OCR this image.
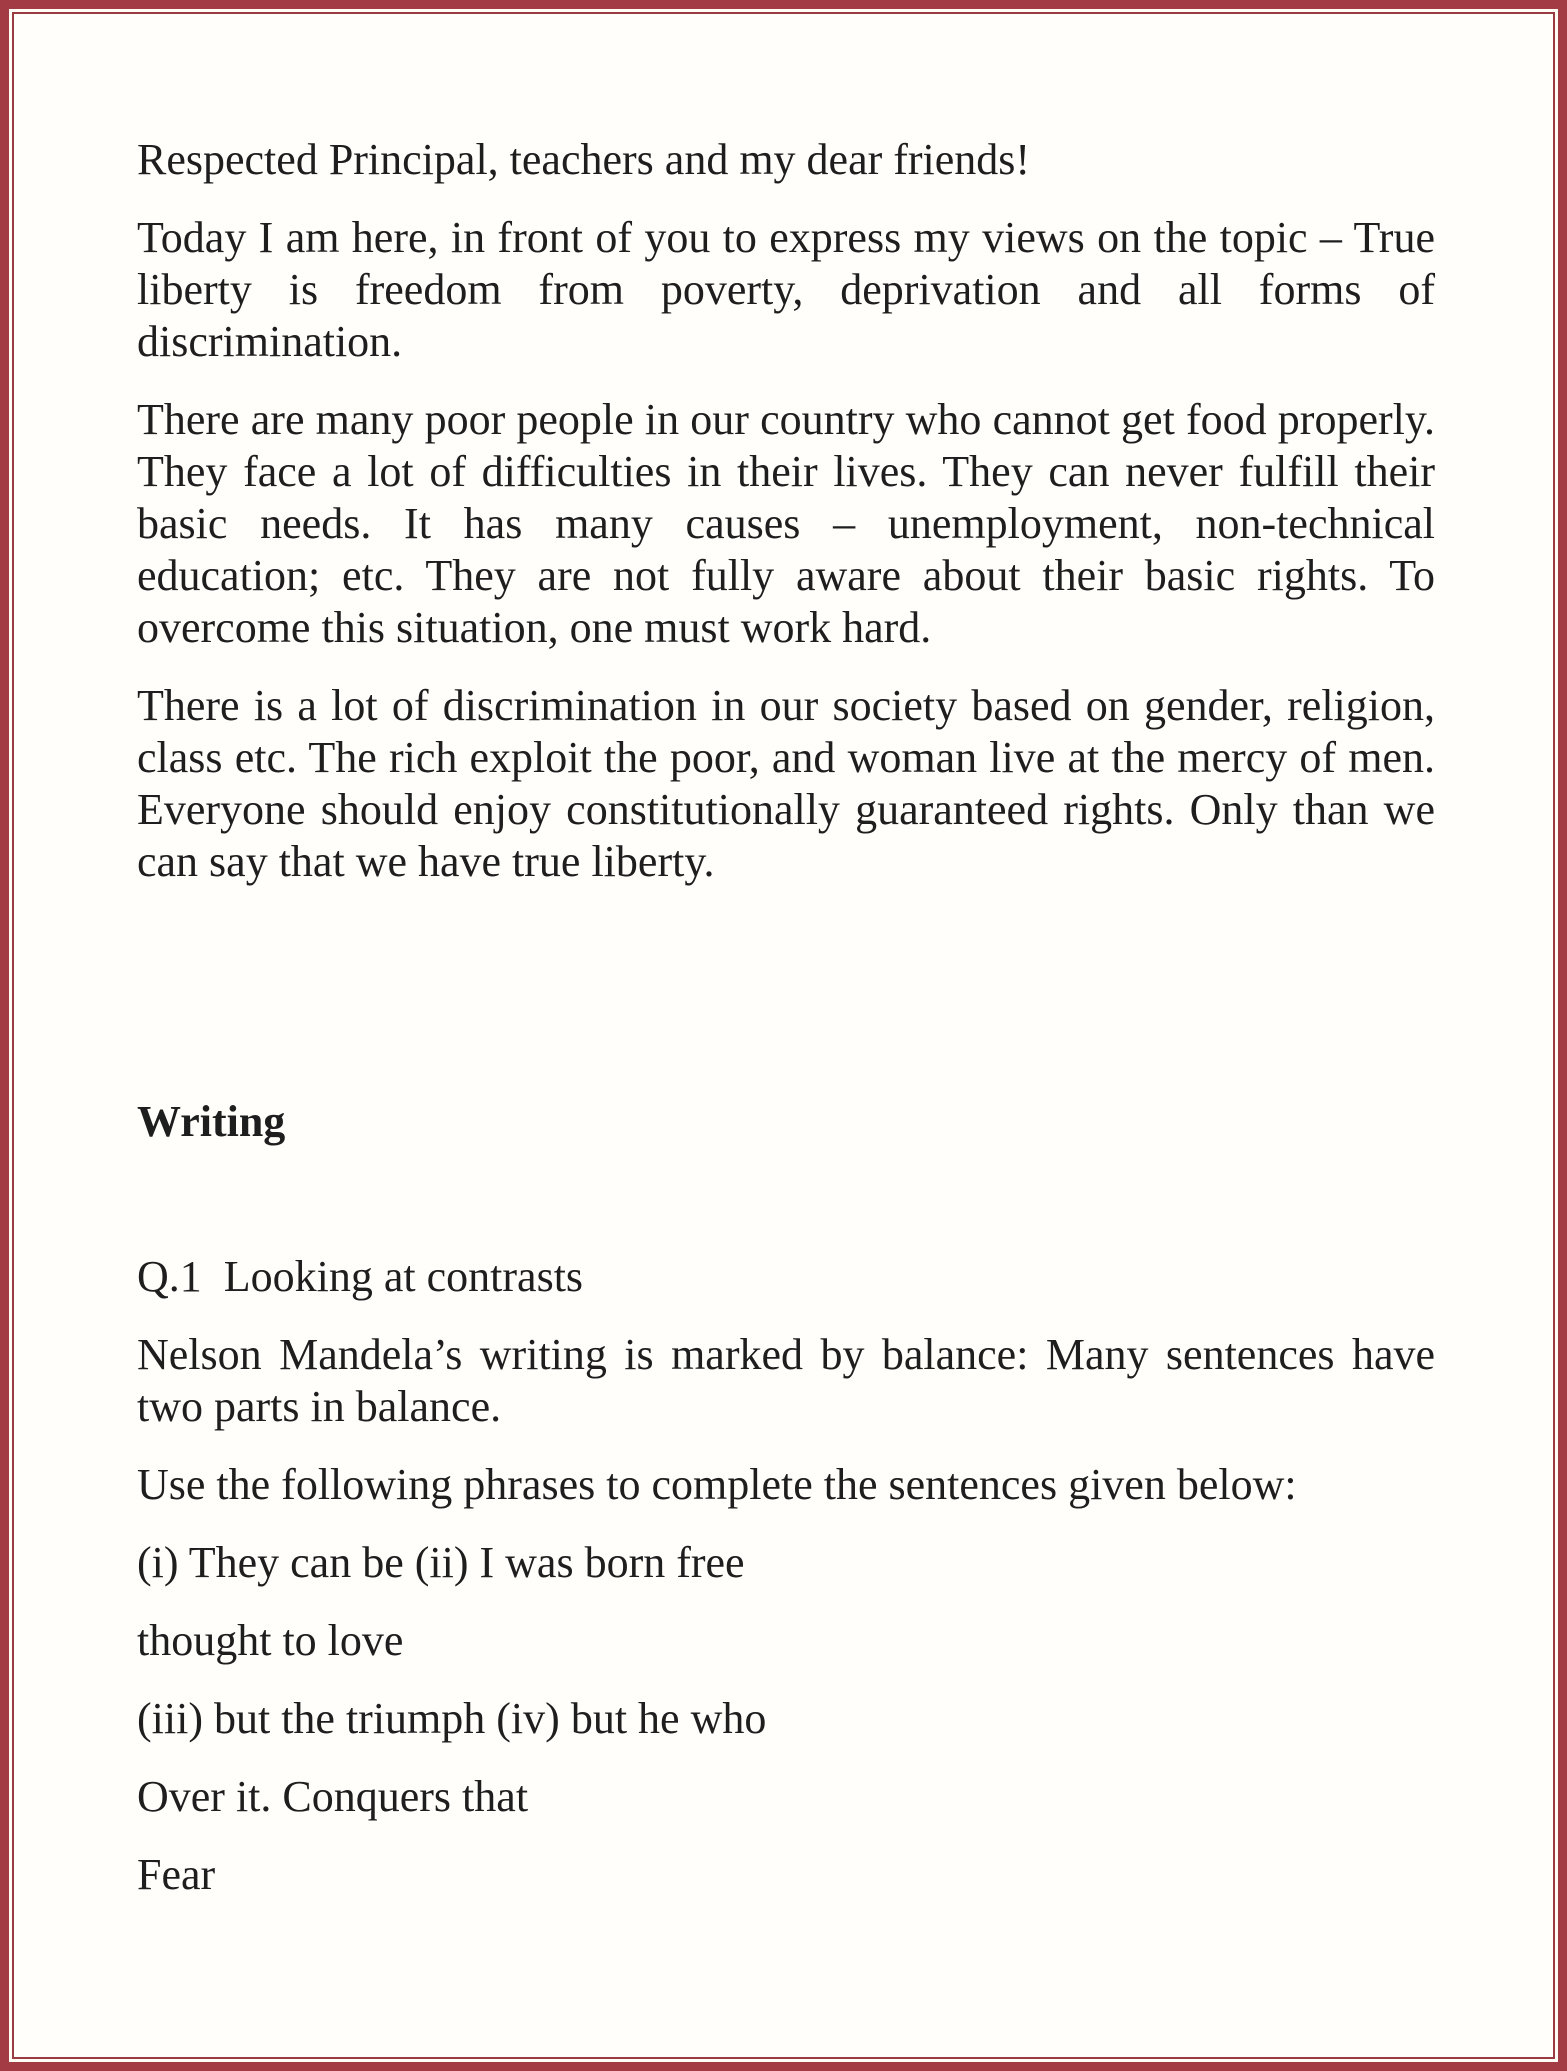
Respected Principal, teachers and my dear friends!

Today I am here, in front of you to express my views on the topic – True liberty is freedom from poverty, deprivation and all forms of discrimination.

There are many poor people in our country who cannot get food properly. They face a lot of difficulties in their lives. They can never fulfill their basic needs. It has many causes – unemployment, non-technical education; etc. They are not fully aware about their basic rights. To overcome this situation, one must work hard.

There is a lot of discrimination in our society based on gender, religion, class etc. The rich exploit the poor, and woman live at the mercy of men. Everyone should enjoy constitutionally guaranteed rights. Only than we can say that we have true liberty.

Writing

Q.1  Looking at contrasts

Nelson Mandela’s writing is marked by balance: Many sentences have two parts in balance.

Use the following phrases to complete the sentences given below:

(i) They can be (ii) I was born free

thought to love

(iii) but the triumph (iv) but he who

Over it. Conquers that

Fear
